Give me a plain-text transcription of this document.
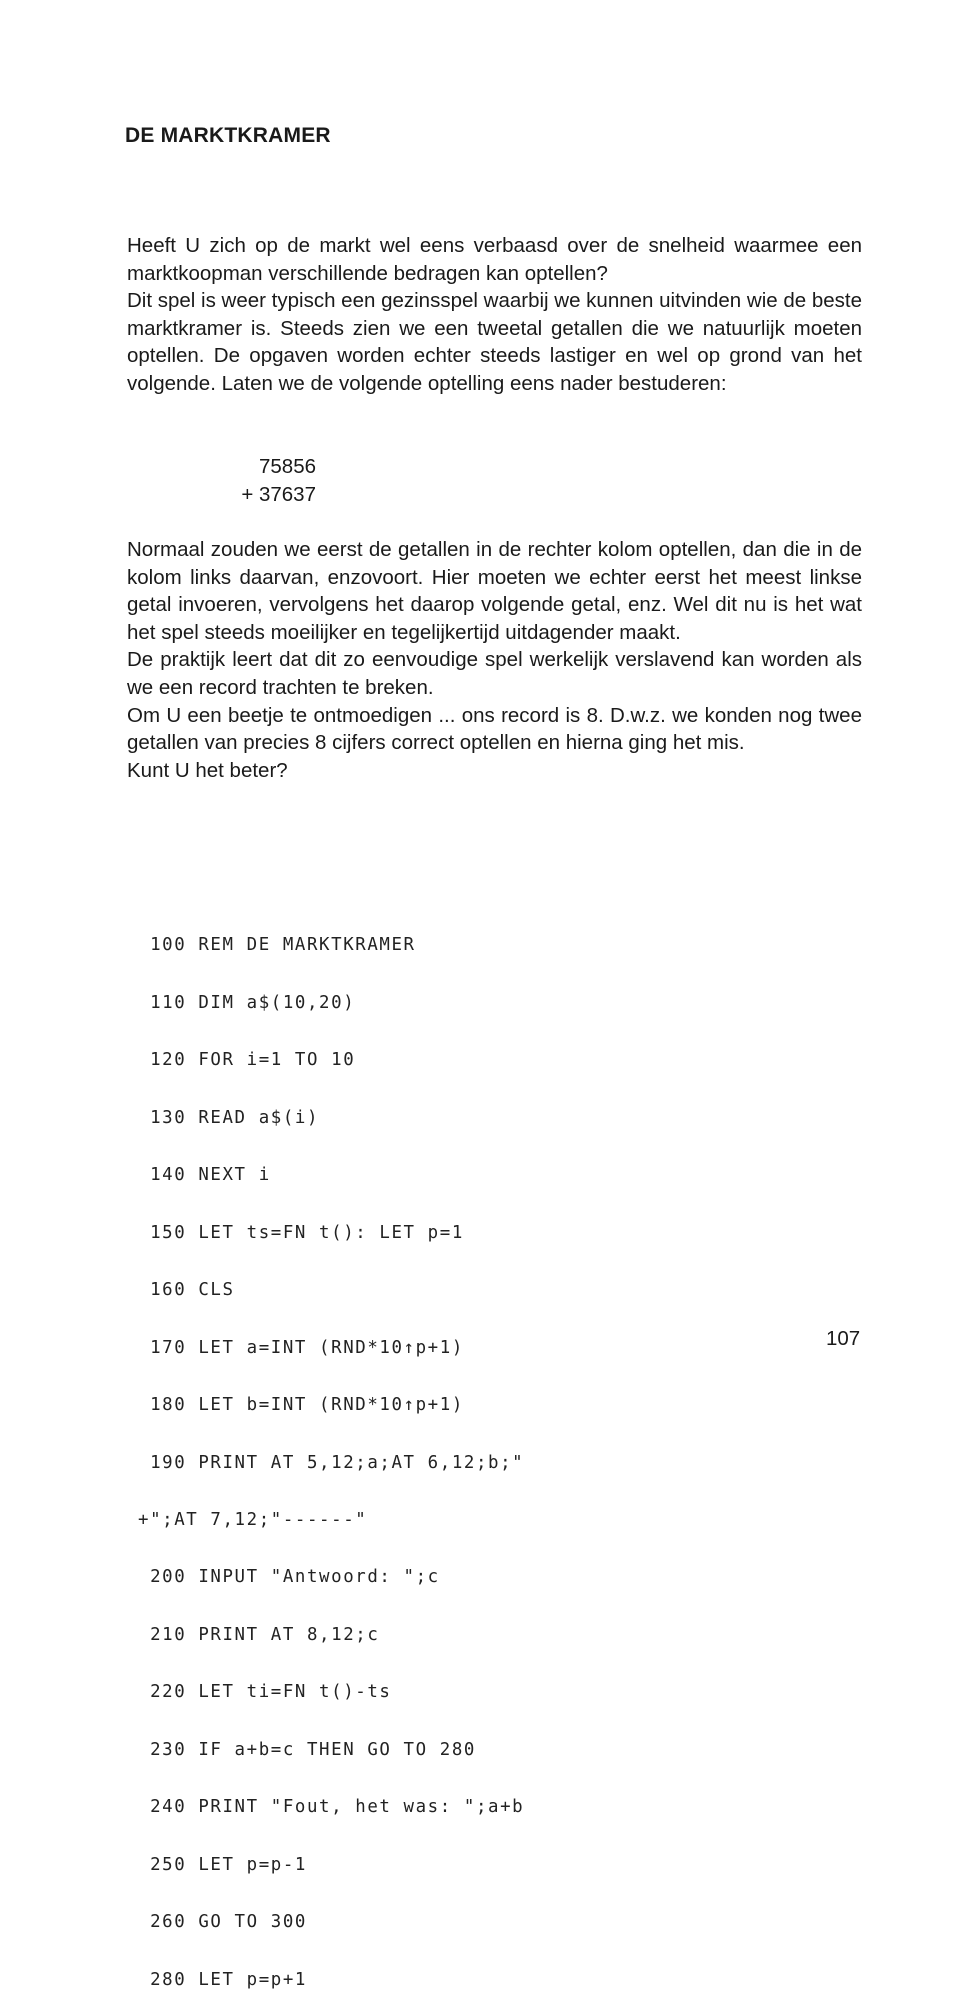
DE MARKTKRAMER

Heeft U zich op de markt wel eens verbaasd over de snelheid waarmee een marktkoopman verschillende bedragen kan optellen?

Dit spel is weer typisch een gezinsspel waarbij we kunnen uitvinden wie de beste marktkramer is. Steeds zien we een tweetal getallen die we natuurlijk moeten optellen. De opgaven worden echter steeds lastiger en wel op grond van het volgende. Laten we de volgende optelling eens nader bestuderen:

75856
+ 37637

Normaal zouden we eerst de getallen in de rechter kolom optellen, dan die in de kolom links daarvan, enzovoort. Hier moeten we echter eerst het meest linkse getal invoeren, vervolgens het daarop volgende getal, enz. Wel dit nu is het wat het spel steeds moeilijker en tegelijkertijd uitdagender maakt.

De praktijk leert dat dit zo eenvoudige spel werkelijk verslavend kan worden als we een record trachten te breken.

Om U een beetje te ontmoedigen ... ons record is 8. D.w.z. we konden nog twee getallen van precies 8 cijfers correct optellen en hierna ging het mis.

Kunt U het beter?

100 REM DE MARKTKRAMER

110 DIM a$(10,20)

120 FOR i=1 TO 10

130 READ a$(i)

140 NEXT i

150 LET ts=FN t(): LET p=1

160 CLS

170 LET a=INT (RND*10↑p+1)

180 LET b=INT (RND*10↑p+1)

190 PRINT AT 5,12;a;AT 6,12;b;"

+";AT 7,12;"------"

200 INPUT "Antwoord: ";c

210 PRINT AT 8,12;c

220 LET ti=FN t()-ts

230 IF a+b=c THEN GO TO 280

240 PRINT "Fout, het was: ";a+b

250 LET p=p-1

260 GO TO 300

280 LET p=p+1

107
